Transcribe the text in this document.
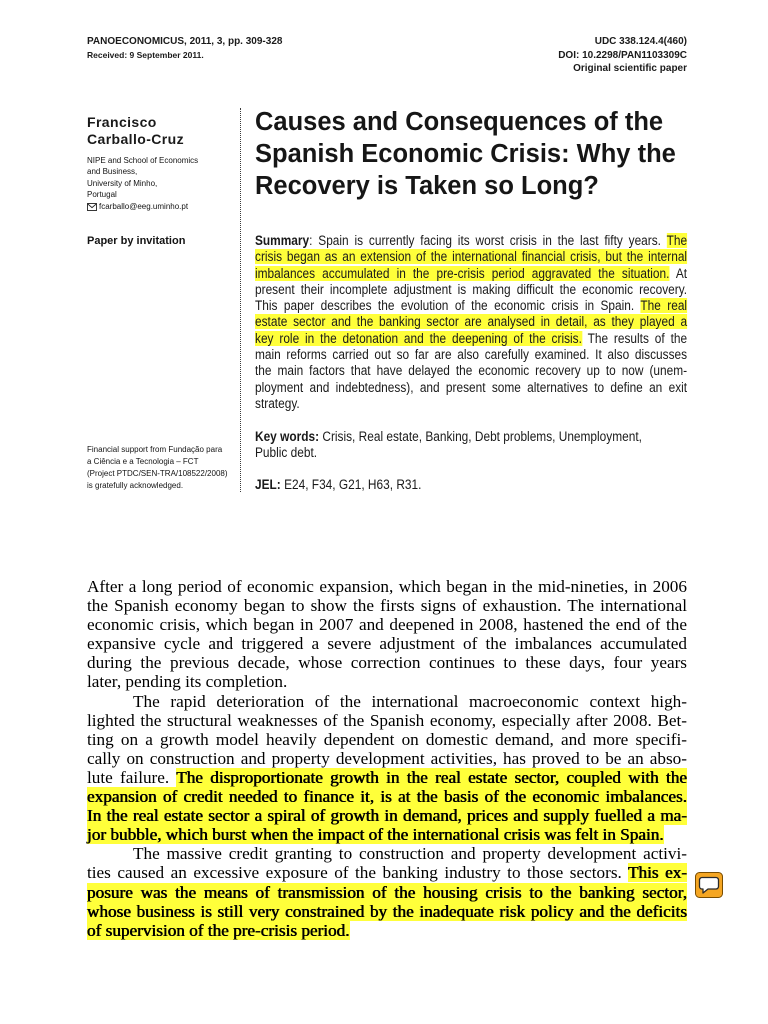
PANOECONOMICUS, 2011, 3, pp. 309-328
Received: 9 September 2011.
UDC 338.124.4(460)
DOI: 10.2298/PAN1103309C
Original scientific paper
Francisco
Carballo-Cruz
NIPE and School of Economics
and Business,
University of Minho,
Portugal
fcarballo@eeg.uminho.pt
Paper by invitation
Financial support from Fundação para
a Ciência e a Tecnologia – FCT
(Project PTDC/SEN-TRA/108522/2008)
is gratefully acknowledged.
Causes and Consequences of the
Spanish Economic Crisis: Why the
Recovery is Taken so Long?
Summary: Spain is currently facing its worst crisis in the last fifty years. The
crisis began as an extension of the international financial crisis, but the internal
imbalances accumulated in the pre-crisis period aggravated the situation. At
present their incomplete adjustment is making difficult the economic recovery.
This paper describes the evolution of the economic crisis in Spain. The real
estate sector and the banking sector are analysed in detail, as they played a
key role in the detonation and the deepening of the crisis. The results of the
main reforms carried out so far are also carefully examined. It also discusses
the main factors that have delayed the economic recovery up to now (unem-
ployment and indebtedness), and present some alternatives to define an exit
strategy.
Key words: Crisis, Real estate, Banking, Debt problems, Unemployment,
Public debt.
JEL: E24, F34, G21, H63, R31.
After a long period of economic expansion, which began in the mid-nineties, in 2006
the Spanish economy began to show the firsts signs of exhaustion. The international
economic crisis, which began in 2007 and deepened in 2008, hastened the end of the
expansive cycle and triggered a severe adjustment of the imbalances accumulated
during the previous decade, whose correction continues to these days, four years
later, pending its completion.
The rapid deterioration of the international macroeconomic context high-
lighted the structural weaknesses of the Spanish economy, especially after 2008. Bet-
ting on a growth model heavily dependent on domestic demand, and more specifi-
cally on construction and property development activities, has proved to be an abso-
lute failure. The disproportionate growth in the real estate sector, coupled with the
expansion of credit needed to finance it, is at the basis of the economic imbalances.
In the real estate sector a spiral of growth in demand, prices and supply fuelled a ma-
jor bubble, which burst when the impact of the international crisis was felt in Spain.
The massive credit granting to construction and property development activi-
ties caused an excessive exposure of the banking industry to those sectors. This ex-
posure was the means of transmission of the housing crisis to the banking sector,
whose business is still very constrained by the inadequate risk policy and the deficits
of supervision of the pre-crisis period.
